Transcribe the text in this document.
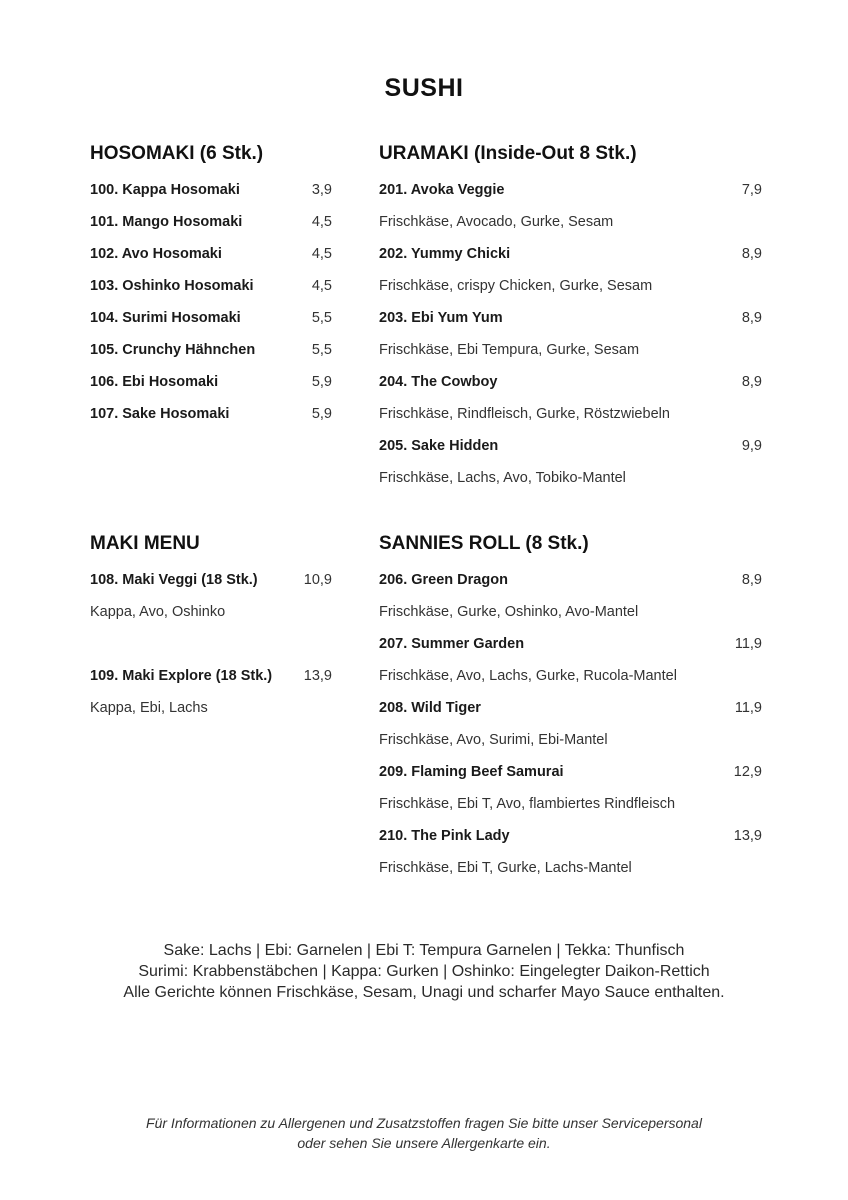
SUSHI
HOSOMAKI (6 Stk.)
100. Kappa Hosomaki	3,9
101. Mango Hosomaki	4,5
102. Avo Hosomaki	4,5
103. Oshinko Hosomaki	4,5
104. Surimi Hosomaki	5,5
105. Crunchy Hähnchen	5,5
106. Ebi Hosomaki	5,9
107. Sake Hosomaki	5,9
URAMAKI (Inside-Out 8 Stk.)
201. Avoka Veggie	7,9
Frischkäse, Avocado, Gurke, Sesam
202. Yummy Chicki	8,9
Frischkäse, crispy Chicken, Gurke, Sesam
203. Ebi Yum Yum	8,9
Frischkäse, Ebi Tempura, Gurke, Sesam
204. The Cowboy	8,9
Frischkäse, Rindfleisch, Gurke, Röstzwiebeln
205. Sake Hidden	9,9
Frischkäse, Lachs, Avo, Tobiko-Mantel
MAKI MENU
108. Maki Veggi (18 Stk.)	10,9
Kappa, Avo, Oshinko
109. Maki Explore (18 Stk.) 13,9
Kappa, Ebi, Lachs
SANNIES ROLL (8 Stk.)
206. Green Dragon	8,9
Frischkäse, Gurke, Oshinko, Avo-Mantel
207. Summer Garden	11,9
Frischkäse, Avo, Lachs, Gurke, Rucola-Mantel
208. Wild Tiger	11,9
Frischkäse, Avo, Surimi, Ebi-Mantel
209. Flaming Beef Samurai	12,9
Frischkäse, Ebi T, Avo, flambiertes Rindfleisch
210. The Pink Lady	13,9
Frischkäse, Ebi T, Gurke, Lachs-Mantel
Sake: Lachs | Ebi: Garnelen | Ebi T: Tempura Garnelen | Tekka: Thunfisch
Surimi: Krabbenstäbchen | Kappa: Gurken | Oshinko: Eingelegter Daikon-Rettich
Alle Gerichte können Frischkäse, Sesam, Unagi und scharfer Mayo Sauce enthalten.
Für Informationen zu Allergenen und Zusatzstoffen fragen Sie bitte unser Servicepersonal
oder sehen Sie unsere Allergenkarte ein.
